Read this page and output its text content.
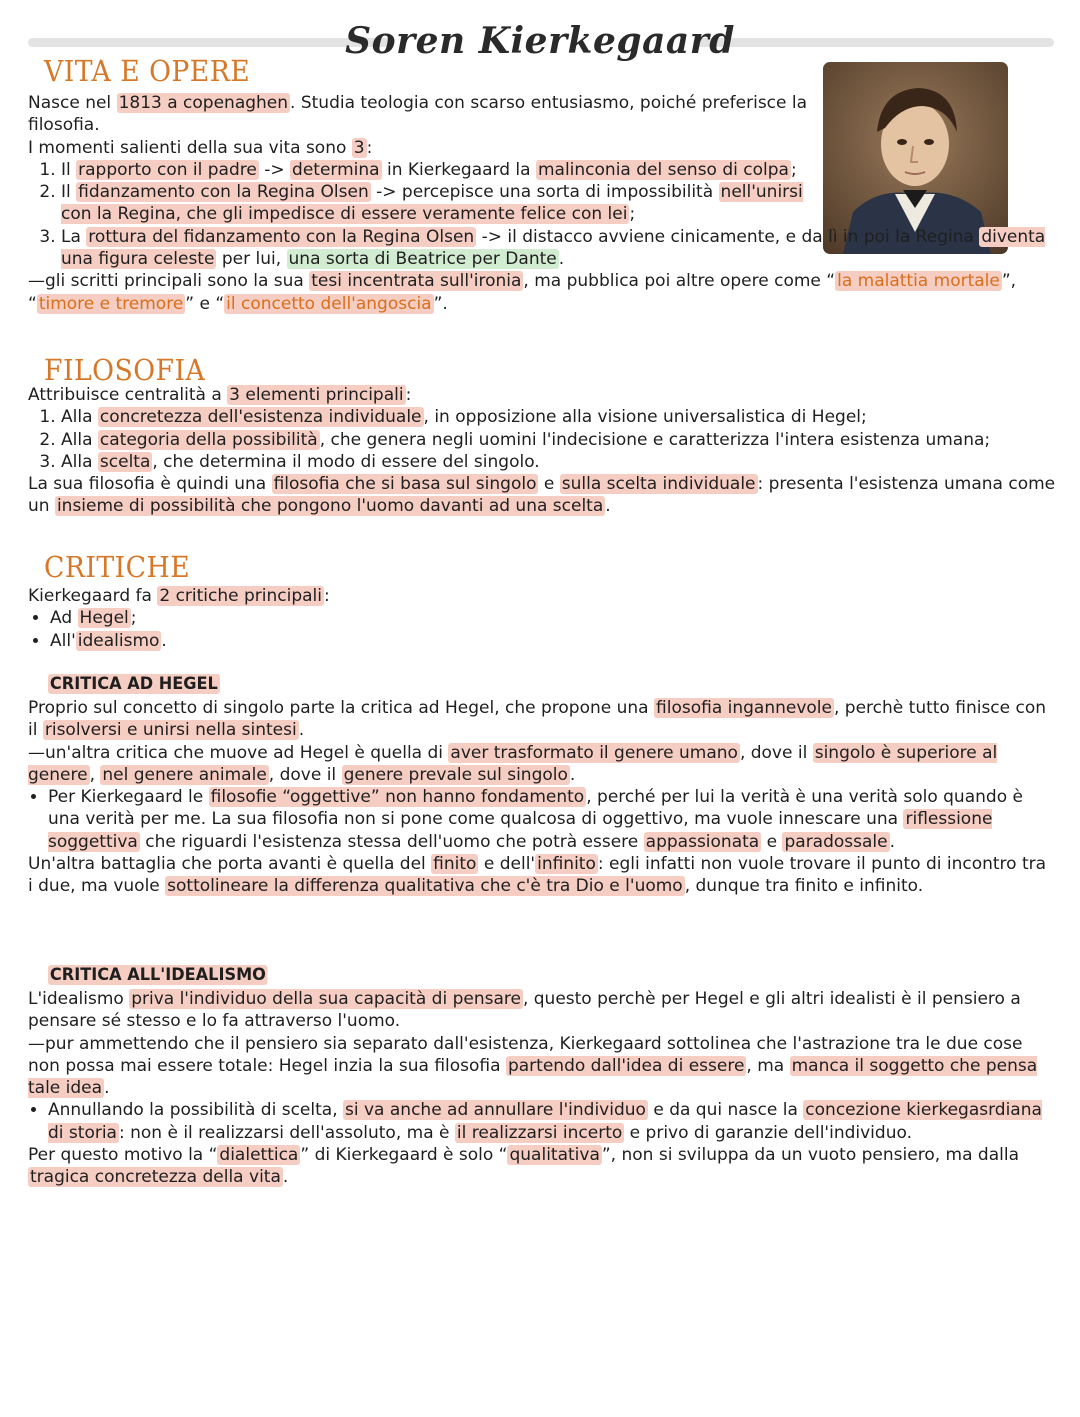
Soren Kierkegaard
VITA E OPERE

Nasce nel 1813 a copenaghen . Studia teologia con scarso entusiasmo, poiché preferisce la filosofia.

I momenti salienti della sua vita sono 3 :

1. Il rapporto con il padre -> determina in Kierkegaard la malinconia del senso di colpa ;
2. Il fidanzamento con la Regina Olsen -> percepisce una sorta di impossibilità nell'unirsi con la Regina, che gli impedisce di essere veramente felice con lei ;
3. La rottura del fidanzamento con la Regina Olsen -> il distacco avviene cinicamente, e da lì in poi la Regina diventa una figura celeste per lui, una sorta di Beatrice per Dante .

—gli scritti principali sono la sua tesi incentrata sull'ironia , ma pubblica poi altre opere come “ la malattia mortale ”, “ timore e tremore ” e “ il concetto dell'angoscia ”.

FILOSOFIA

Attribuisce centralità a 3 elementi principali :

1. Alla concretezza dell'esistenza individuale , in opposizione alla visione universalistica di Hegel;
2. Alla categoria della possibilità , che genera negli uomini l'indecisione e caratterizza l'intera esistenza umana;
3. Alla scelta , che determina il modo di essere del singolo.

La sua filosofia è quindi una filosofia che si basa sul singolo e sulla scelta individuale : presenta l'esistenza umana come un insieme di possibilità che pongono l'uomo davanti ad una scelta .

CRITICHE

Kierkegaard fa 2 critiche principali :

• Ad Hegel ;
• All' idealismo .
CRITICA AD HEGEL

Proprio sul concetto di singolo parte la critica ad Hegel, che propone una filosofia ingannevole , perchè tutto finisce con il risolversi e unirsi nella sintesi .

—un'altra critica che muove ad Hegel è quella di aver trasformato il genere umano , dove il singolo è superiore al genere , nel genere animale , dove il genere prevale sul singolo .

• Per Kierkegaard le filosofie “oggettive” non hanno fondamento , perché per lui la verità è una verità solo quando è una verità per me. La sua filosofia non si pone come qualcosa di oggettivo, ma vuole innescare una riflessione soggettiva che riguardi l'esistenza stessa dell'uomo che potrà essere appassionata e paradossale .

Un'altra battaglia che porta avanti è quella del finito e dell' infinito : egli infatti non vuole trovare il punto di incontro tra i due, ma vuole sottolineare la differenza qualitativa che c'è tra Dio e l'uomo , dunque tra finito e infinito.

CRITICA ALL'IDEALISMO

L'idealismo priva l'individuo della sua capacità di pensare , questo perchè per Hegel e gli altri idealisti è il pensiero a pensare sé stesso e lo fa attraverso l'uomo.

—pur ammettendo che il pensiero sia separato dall'esistenza, Kierkegaard sottolinea che l'astrazione tra le due cose non possa mai essere totale: Hegel inzia la sua filosofia partendo dall'idea di essere , ma manca il soggetto che pensa tale idea .

• Annullando la possibilità di scelta, si va anche ad annullare l'individuo e da qui nasce la concezione kierkegasrdiana di storia : non è il realizzarsi dell'assoluto, ma è il realizzarsi incerto e privo di garanzie dell'individuo.

Per questo motivo la “ dialettica ” di Kierkegaard è solo “ qualitativa ”, non si sviluppa da un vuoto pensiero, ma dalla tragica concretezza della vita .
